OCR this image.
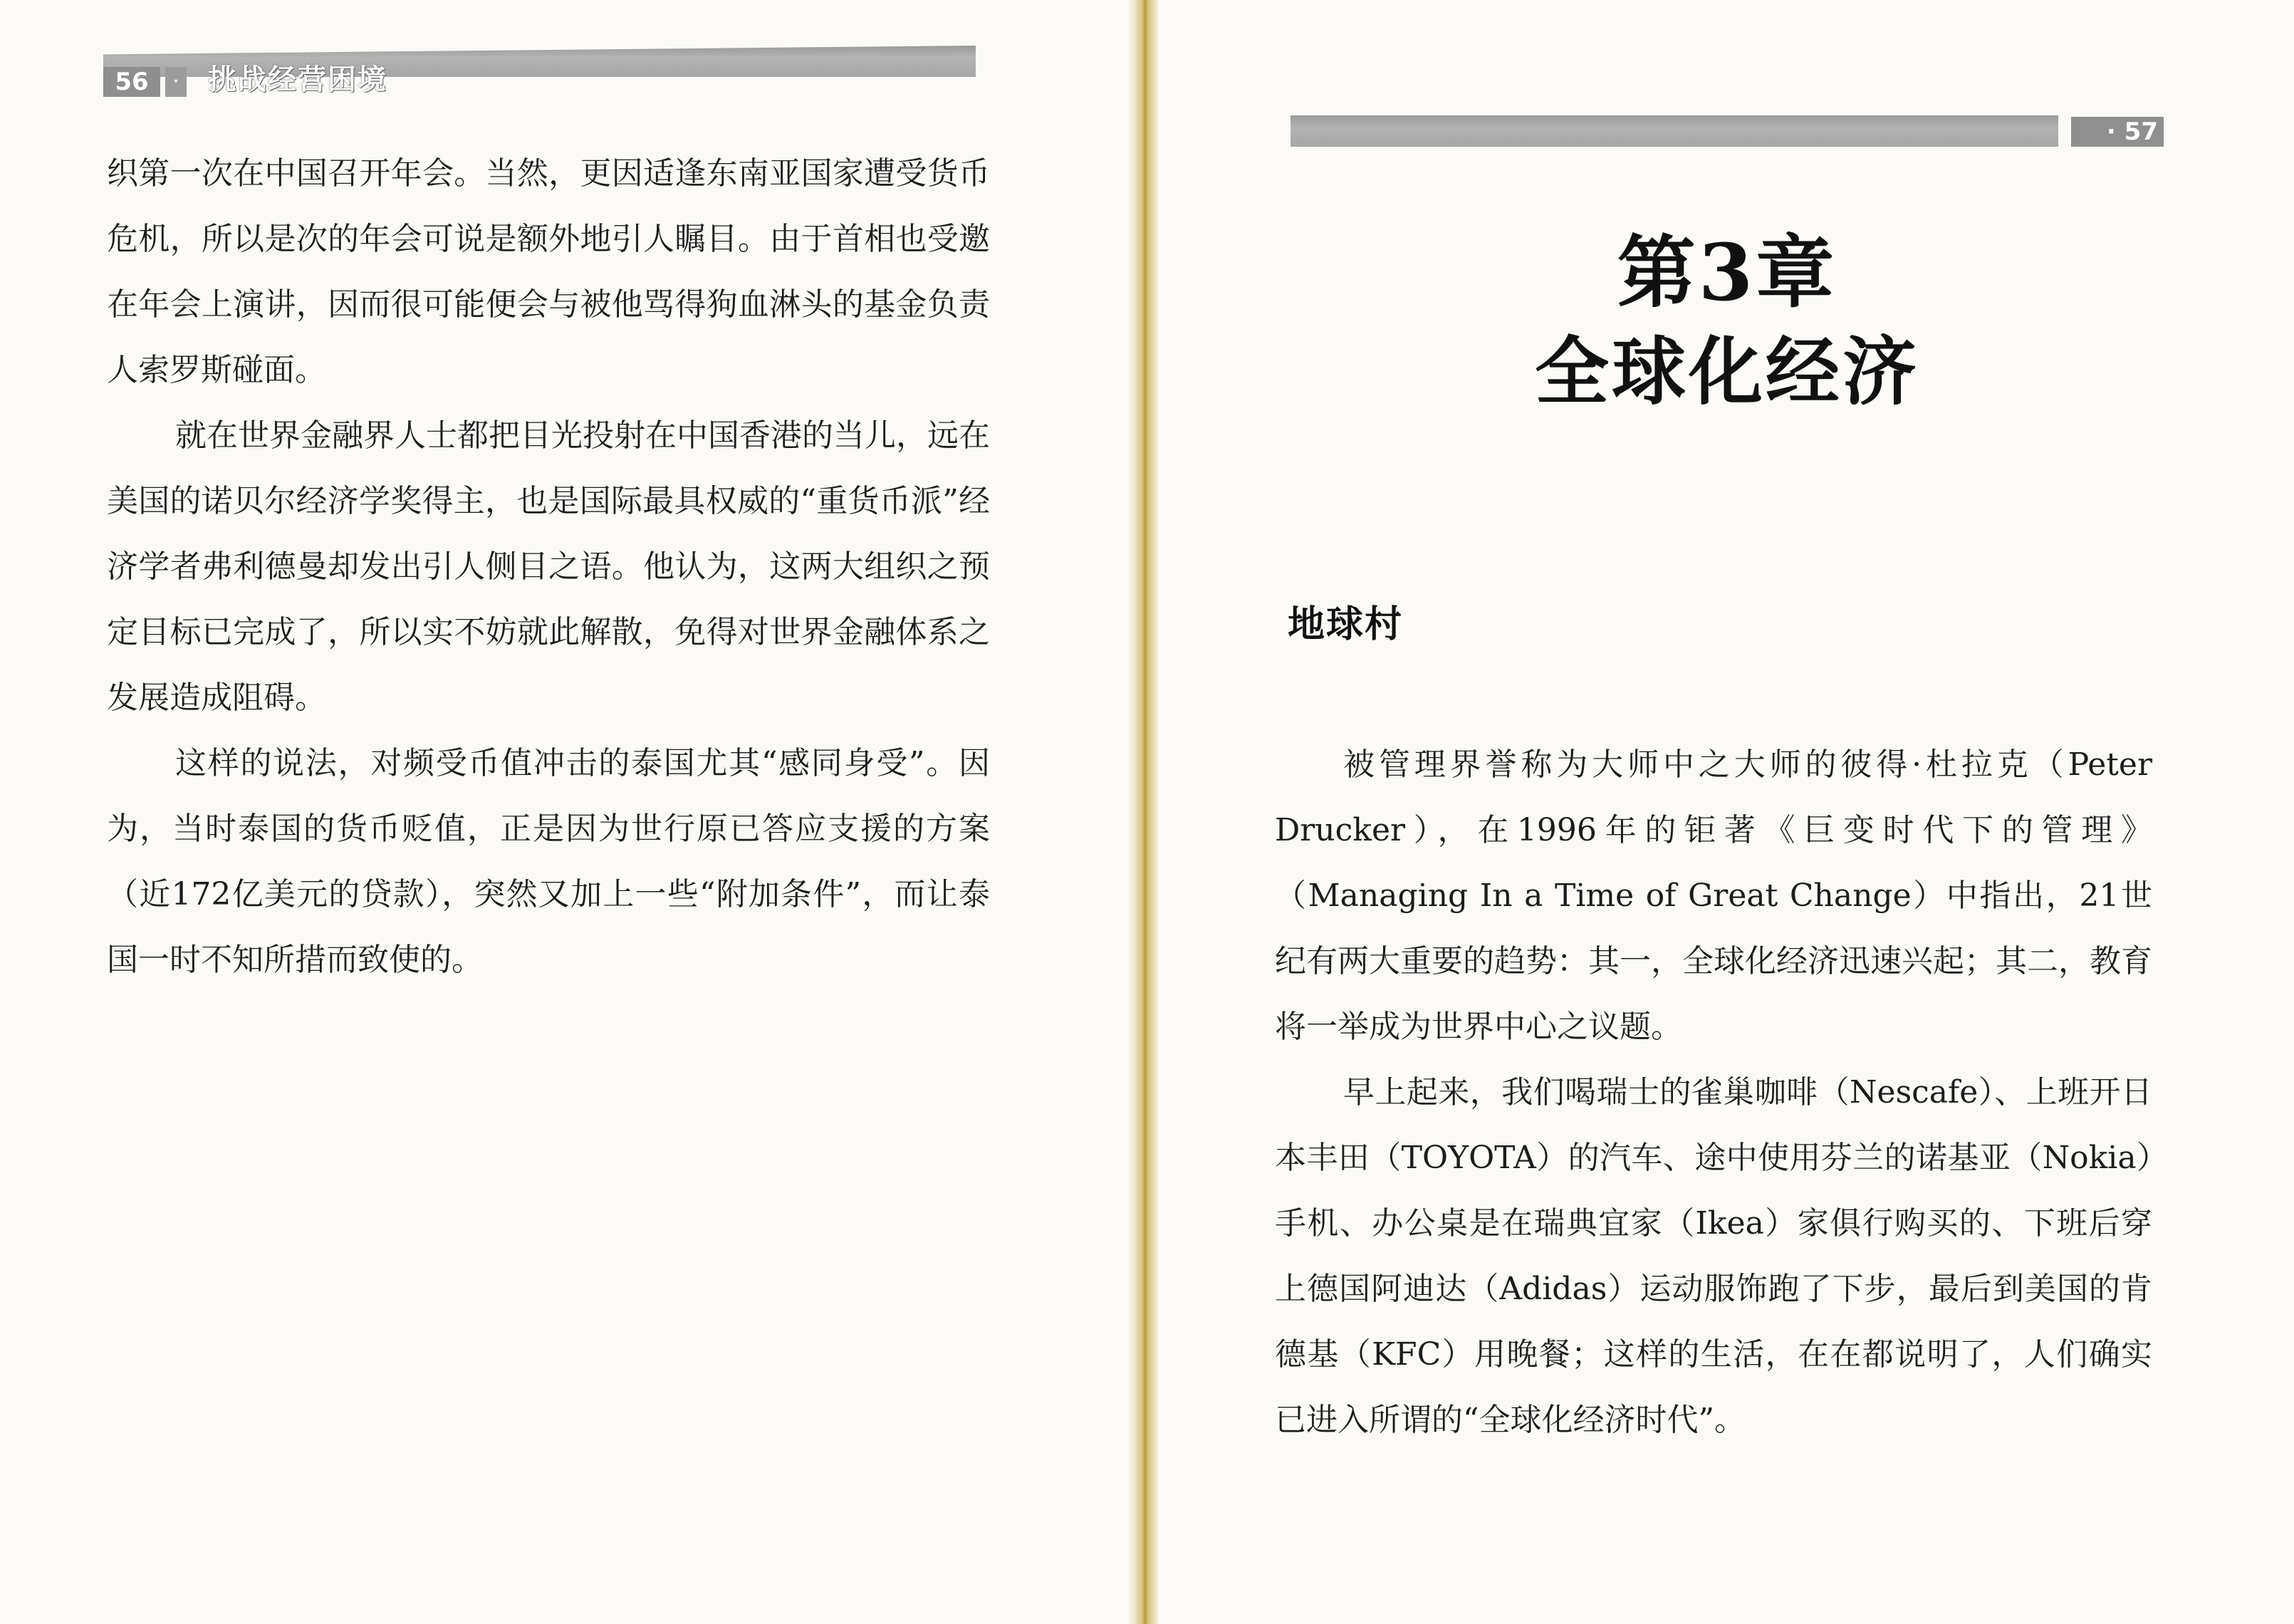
56	· 挑战经营困境

织第一次在中国召开年会。当然，更因适逢东南亚国家遭受货币危机，所以是次的年会可说是额外地引人瞩目。由于首相也受邀在年会上演讲，因而很可能便会与被他骂得狗血淋头的基金负责人索罗斯碰面。

就在世界金融界人士都把目光投射在中国香港的当儿，远在美国的诺贝尔经济学奖得主，也是国际最具权威的“重货币派”经济学者弗利德曼却发出引人侧目之语。他认为，这两大组织之预定目标已完成了，所以实不妨就此解散，免得对世界金融体系之发展造成阻碍。

这样的说法，对频受币值冲击的泰国尤其“感同身受”。因为，当时泰国的货币贬值，正是因为世行原已答应支援的方案（近172亿美元的贷款），突然又加上一些“附加条件”，而让泰国一时不知所措而致使的。

· 57
第3章
全球化经济
地球村

被管理界誉称为大师中之大师的彼得·杜拉克（Peter Drucker），在1996年的钜著《巨变时代下的管理》（Managing In a Time of Great Change）中指出，21世纪有两大重要的趋势：其一，全球化经济迅速兴起；其二，教育将一举成为世界中心之议题。

早上起来，我们喝瑞士的雀巢咖啡（Nescafe）、上班开日本丰田（TOYOTA）的汽车、途中使用芬兰的诺基亚（Nokia）手机、办公桌是在瑞典宜家（Ikea）家俱行购买的、下班后穿上德国阿迪达（Adidas）运动服饰跑了下步，最后到美国的肯德基（KFC）用晚餐；这样的生活，在在都说明了，人们确实已进入所谓的“全球化经济时代”。
